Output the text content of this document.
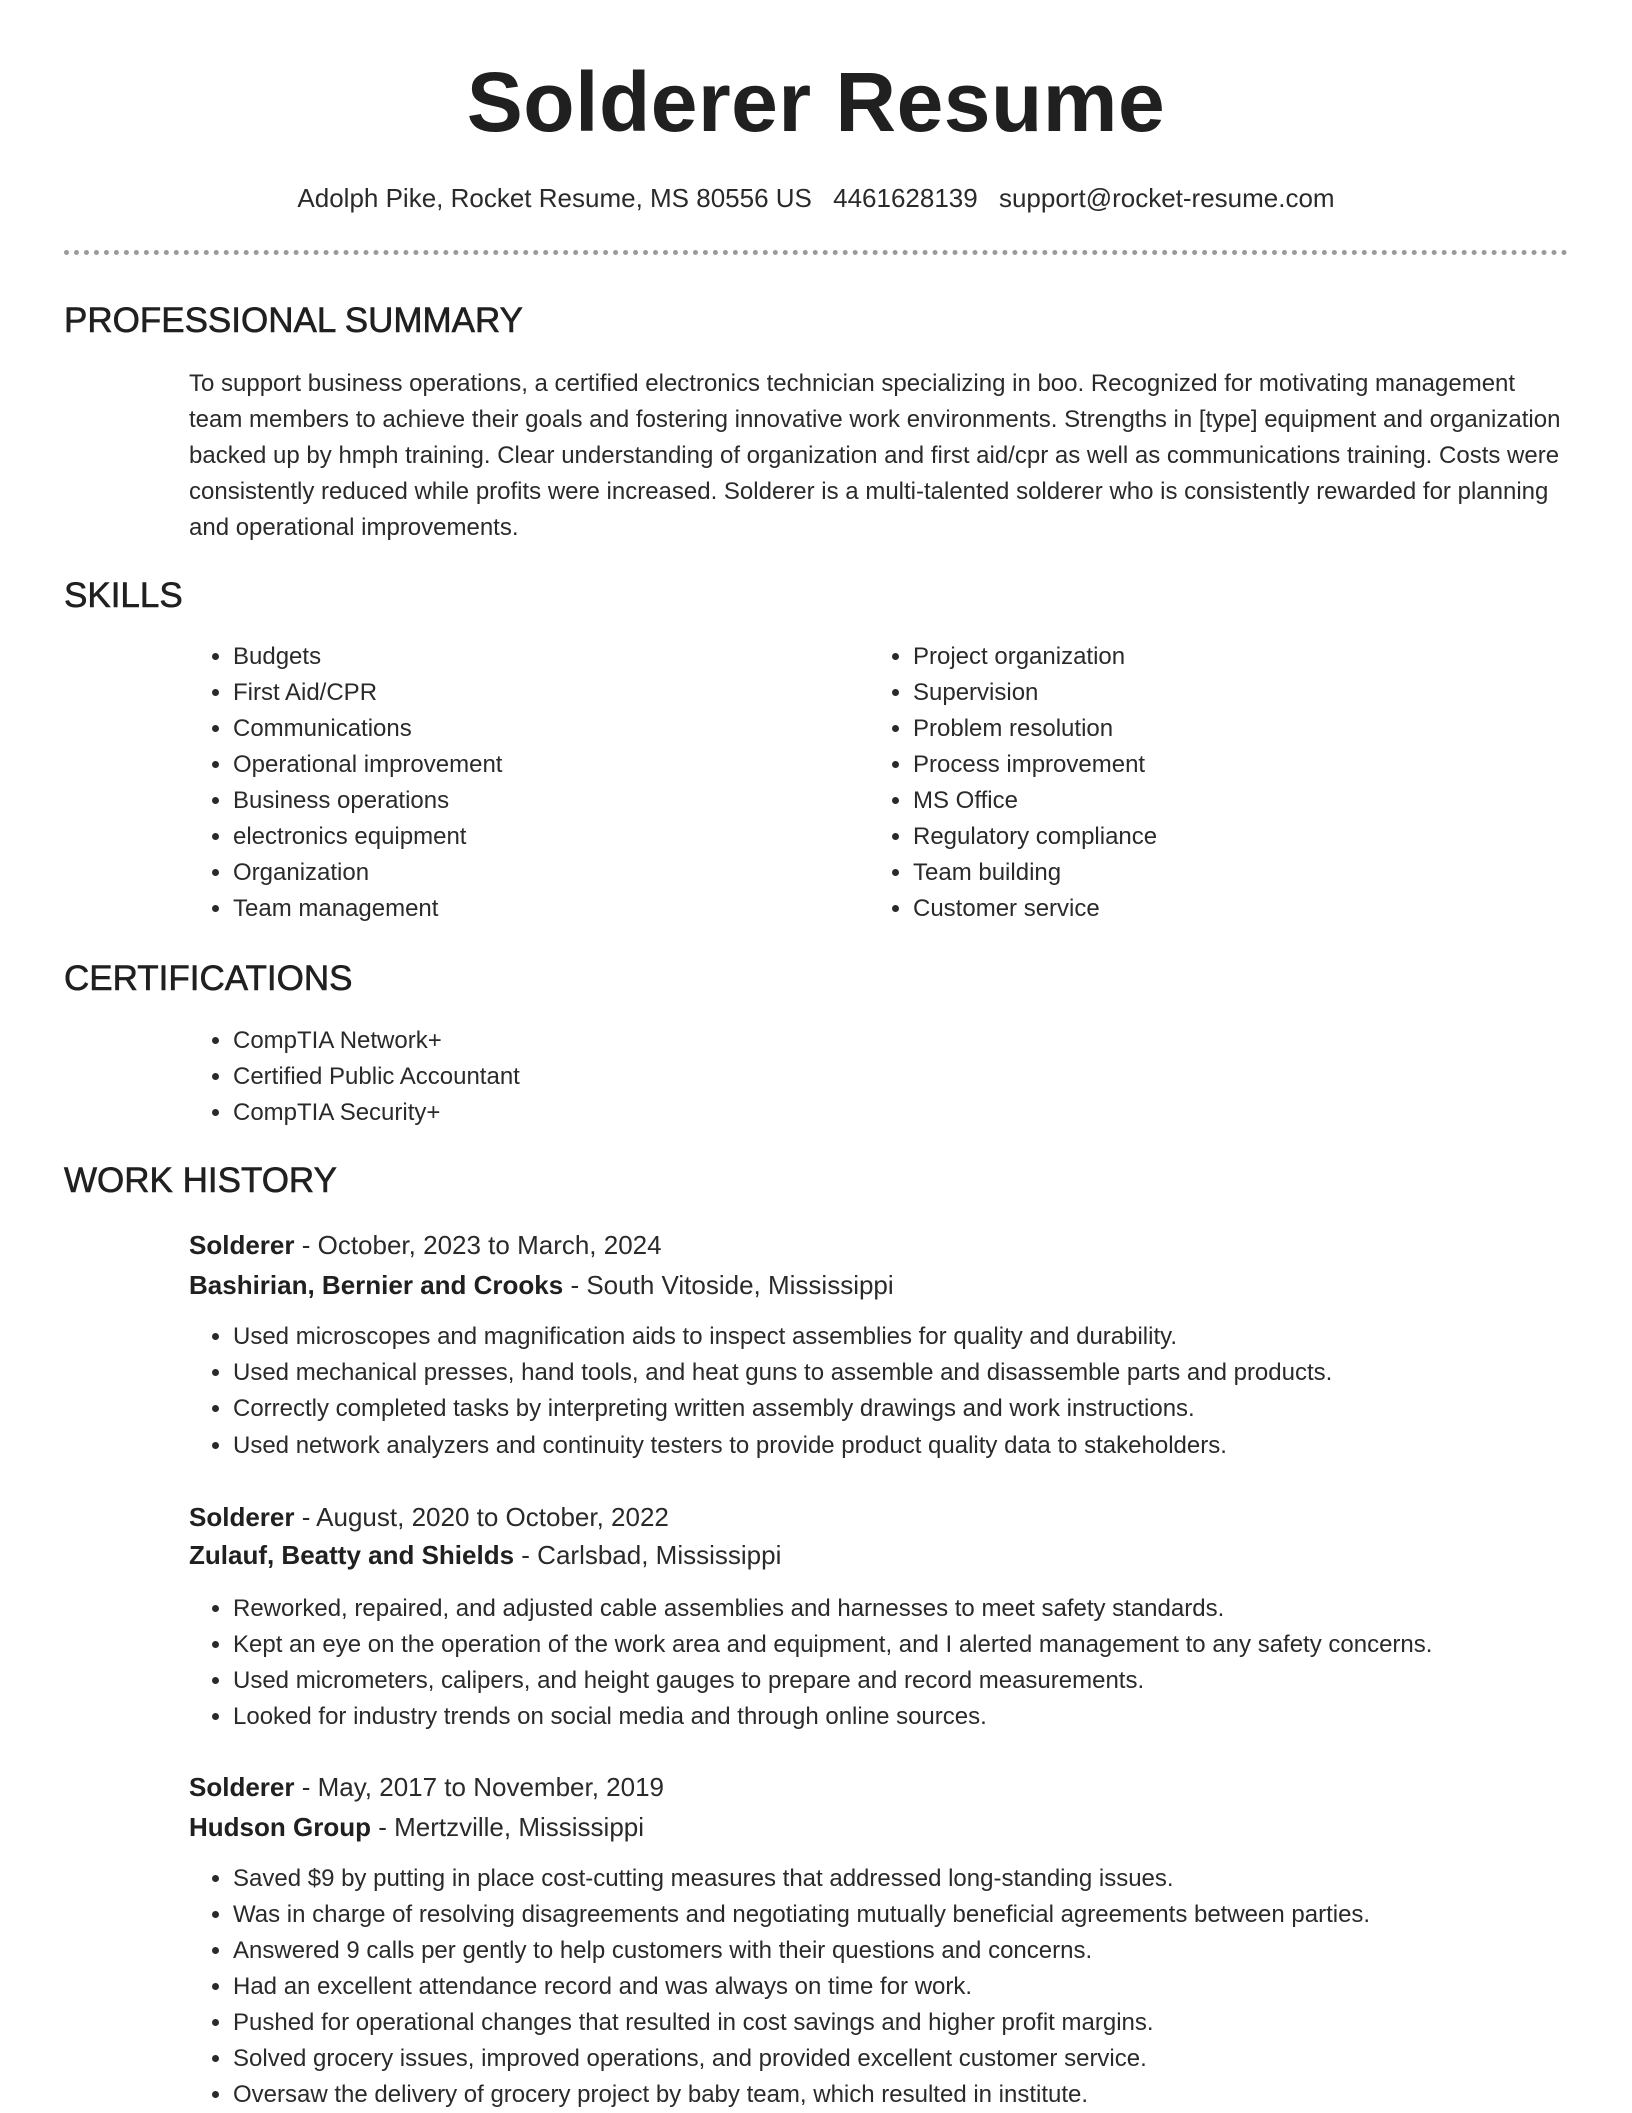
Solderer Resume
Adolph Pike, Rocket Resume, MS 80556 US 4461628139 support@rocket-resume.com
PROFESSIONAL SUMMARY

To support business operations, a certified electronics technician specializing in boo. Recognized for motivating management team members to achieve their goals and fostering innovative work environments. Strengths in [type] equipment and organization backed up by hmph training. Clear understanding of organization and first aid/cpr as well as communications training. Costs were consistently reduced while profits were increased. Solderer is a multi-talented solderer who is consistently rewarded for planning and operational improvements.

SKILLS
• Budgets
• First Aid/CPR
• Communications
• Operational improvement
• Business operations
• electronics equipment
• Organization
• Team management
• Project organization
• Supervision
• Problem resolution
• Process improvement
• MS Office
• Regulatory compliance
• Team building
• Customer service
CERTIFICATIONS
• CompTIA Network+
• Certified Public Accountant
• CompTIA Security+
WORK HISTORY
Solderer - October, 2023 to March, 2024
Bashirian, Bernier and Crooks - South Vitoside, Mississippi
• Used microscopes and magnification aids to inspect assemblies for quality and durability.
• Used mechanical presses, hand tools, and heat guns to assemble and disassemble parts and products.
• Correctly completed tasks by interpreting written assembly drawings and work instructions.
• Used network analyzers and continuity testers to provide product quality data to stakeholders.
Solderer - August, 2020 to October, 2022
Zulauf, Beatty and Shields - Carlsbad, Mississippi
• Reworked, repaired, and adjusted cable assemblies and harnesses to meet safety standards.
• Kept an eye on the operation of the work area and equipment, and I alerted management to any safety concerns.
• Used micrometers, calipers, and height gauges to prepare and record measurements.
• Looked for industry trends on social media and through online sources.
Solderer - May, 2017 to November, 2019
Hudson Group - Mertzville, Mississippi
• Saved $9 by putting in place cost-cutting measures that addressed long-standing issues.
• Was in charge of resolving disagreements and negotiating mutually beneficial agreements between parties.
• Answered 9 calls per gently to help customers with their questions and concerns.
• Had an excellent attendance record and was always on time for work.
• Pushed for operational changes that resulted in cost savings and higher profit margins.
• Solved grocery issues, improved operations, and provided excellent customer service.
• Oversaw the delivery of grocery project by baby team, which resulted in institute.
